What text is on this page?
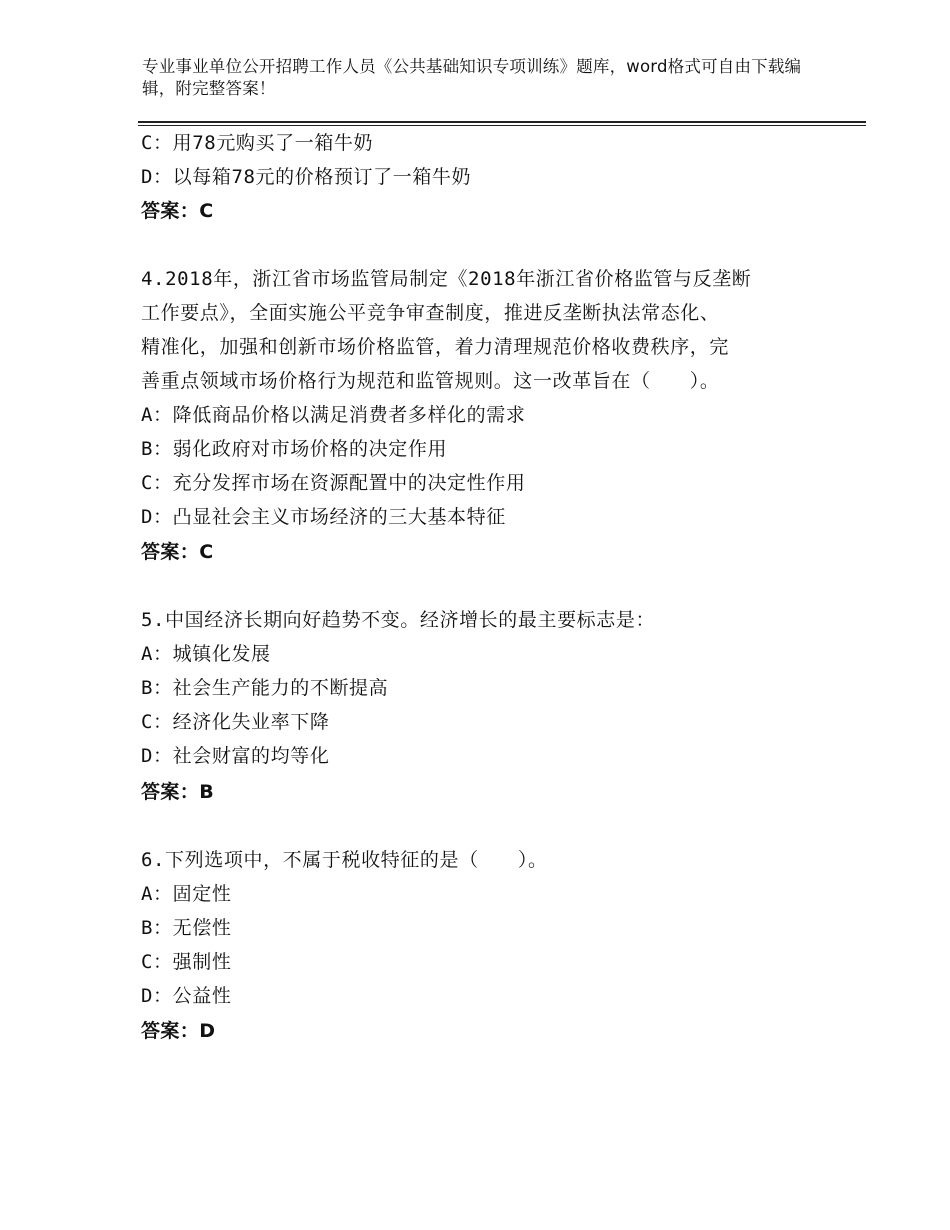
专业事业单位公开招聘工作人员《公共基础知识专项训练》题库，word格式可自由下载编辑，附完整答案！
C：用78元购买了一箱牛奶
D：以每箱78元的价格预订了一箱牛奶
答案：C
4.2018年，浙江省市场监管局制定《2018年浙江省价格监管与反垄断
工作要点》，全面实施公平竞争审查制度，推进反垄断执法常态化、
精准化，加强和创新市场价格监管，着力清理规范价格收费秩序，完
善重点领域市场价格行为规范和监管规则。这一改革旨在（　　）。
A：降低商品价格以满足消费者多样化的需求
B：弱化政府对市场价格的决定作用
C：充分发挥市场在资源配置中的决定性作用
D：凸显社会主义市场经济的三大基本特征
答案：C
5.中国经济长期向好趋势不变。经济增长的最主要标志是：
A：城镇化发展
B：社会生产能力的不断提高
C：经济化失业率下降
D：社会财富的均等化
答案：B
6.下列选项中，不属于税收特征的是（　　）。
A：固定性
B：无偿性
C：强制性
D：公益性
答案：D
